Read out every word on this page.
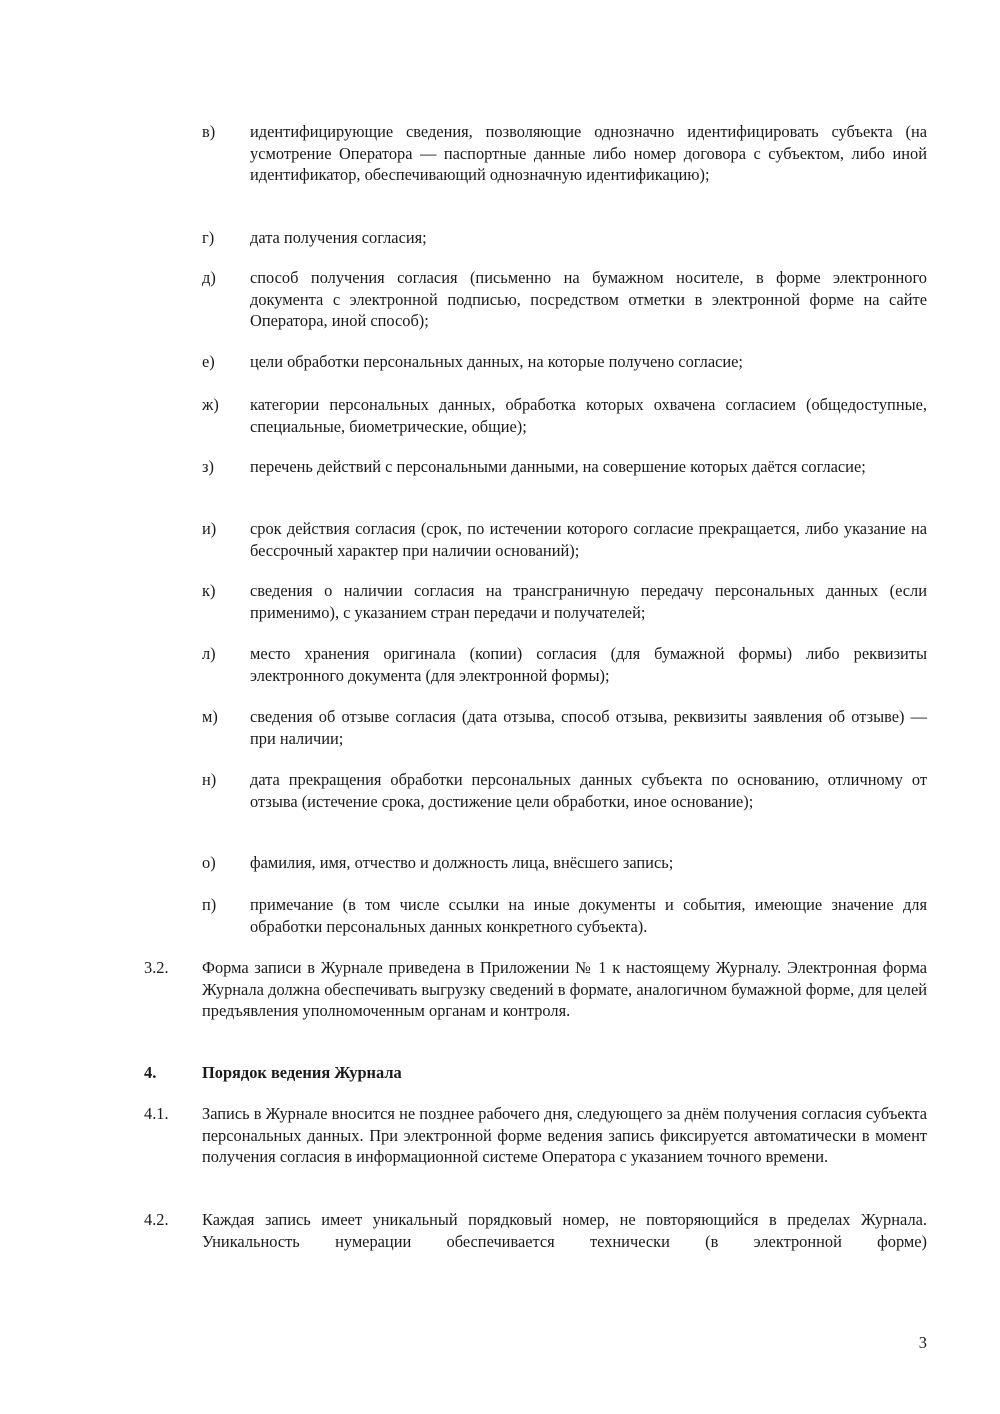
в) идентифицирующие сведения, позволяющие однозначно идентифицировать субъекта (на усмотрение Оператора — паспортные данные либо номер договора с субъектом, либо иной идентификатор, обеспечивающий однозначную идентификацию);
г) дата получения согласия;
д) способ получения согласия (письменно на бумажном носителе, в форме электронного документа с электронной подписью, посредством отметки в электронной форме на сайте Оператора, иной способ);
е) цели обработки персональных данных, на которые получено согласие;
ж) категории персональных данных, обработка которых охвачена согласием (общедоступные, специальные, биометрические, общие);
з) перечень действий с персональными данными, на совершение которых даётся согласие;
и) срок действия согласия (срок, по истечении которого согласие прекращается, либо указание на бессрочный характер при наличии оснований);
к) сведения о наличии согласия на трансграничную передачу персональных данных (если применимо), с указанием стран передачи и получателей;
л) место хранения оригинала (копии) согласия (для бумажной формы) либо реквизиты электронного документа (для электронной формы);
м) сведения об отзыве согласия (дата отзыва, способ отзыва, реквизиты заявления об отзыве) — при наличии;
н) дата прекращения обработки персональных данных субъекта по основанию, отличному от отзыва (истечение срока, достижение цели обработки, иное основание);
о) фамилия, имя, отчество и должность лица, внёсшего запись;
п) примечание (в том числе ссылки на иные документы и события, имеющие значение для обработки персональных данных конкретного субъекта).
3.2. Форма записи в Журнале приведена в Приложении № 1 к настоящему Журналу. Электронная форма Журнала должна обеспечивать выгрузку сведений в формате, аналогичном бумажной форме, для целей предъявления уполномоченным органам и контроля.
4.	Порядок ведения Журнала
4.1. Запись в Журнале вносится не позднее рабочего дня, следующего за днём получения согласия субъекта персональных данных. При электронной форме ведения запись фиксируется автоматически в момент получения согласия в информационной системе Оператора с указанием точного времени.
4.2. Каждая запись имеет уникальный порядковый номер, не повторяющийся в пределах Журнала. Уникальность нумерации обеспечивается технически (в электронной форме)
3
